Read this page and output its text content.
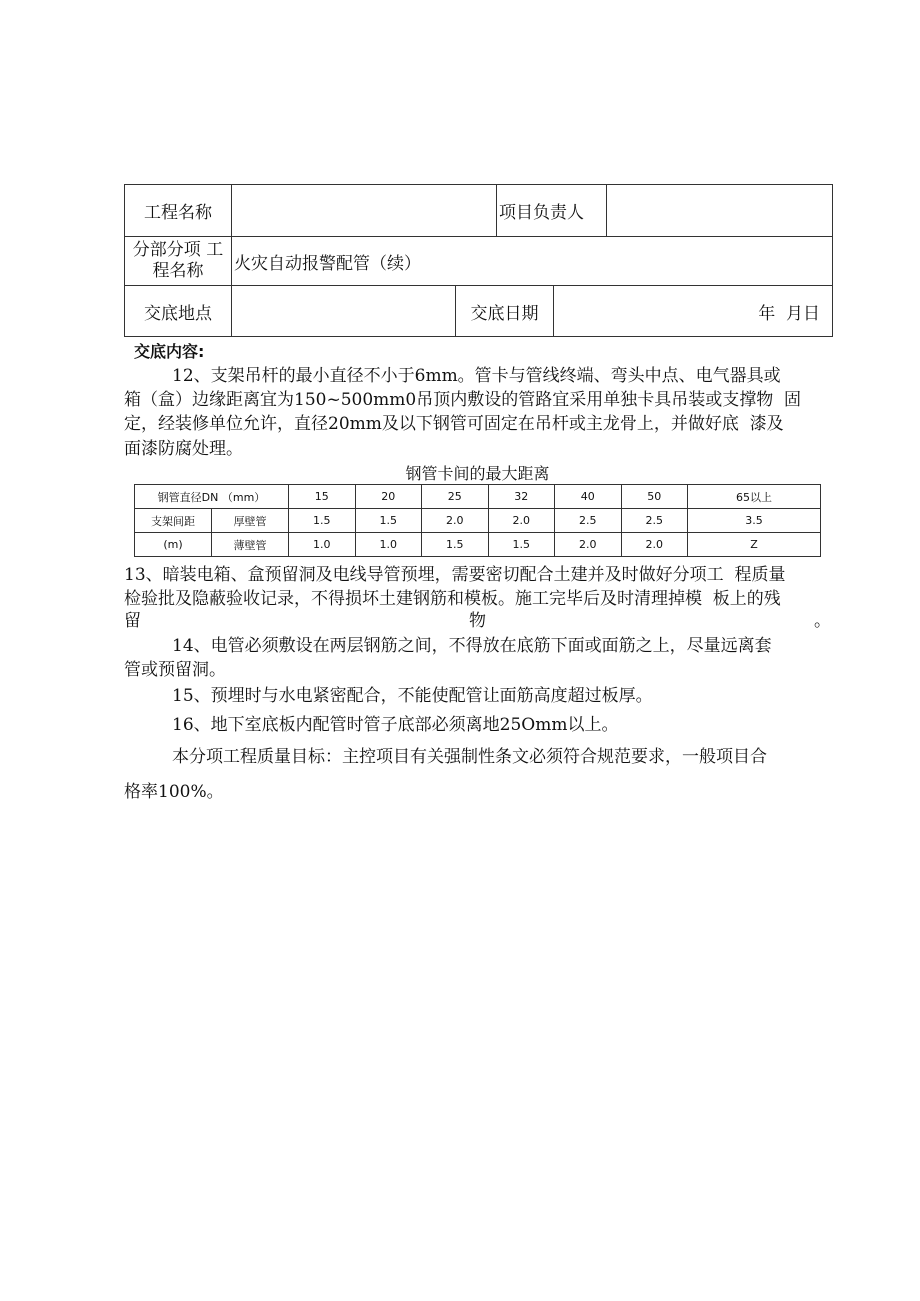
工程名称	项目负责人
分部分项 工
程名称 火灾自动报警配管（续）
交底地点	交底日期	年  月日
交底内容:
12、支架吊杆的最小直径不小于6mm。管卡与管线终端、弯头中点、电气器具或
箱（盒）边缘距离宜为150~500mm0吊顶内敷设的管路宜采用单独卡具吊装或支撑物  固
定，经装修单位允许，直径20mm及以下钢管可固定在吊杆或主龙骨上，并做好底  漆及
面漆防腐处理。
钢管卡间的最大距离
钢管直径DN （mm）		15	20	25	32	40	50	65以上
支架间距	厚壁管	1.5	1.5	2.0	2.0	2.5	2.5	3.5
(m)	薄壁管	1.0	1.0	1.5	1.5	2.0	2.0	Z
13、暗装电箱、盒预留洞及电线导管预埋，需要密切配合土建并及时做好分项工  程质量
检验批及隐蔽验收记录，不得损坏土建钢筋和模板。施工完毕后及时清理掉模  板上的残
留	物	。
14、电管必须敷设在两层钢筋之间，不得放在底筋下面或面筋之上，尽量远离套
管或预留洞。
15、预埋时与水电紧密配合，不能使配管让面筋高度超过板厚。
16、地下室底板内配管时管子底部必须离地25Omm以上。
本分项工程质量目标：主控项目有关强制性条文必须符合规范要求，一般项目合
格率100%。
